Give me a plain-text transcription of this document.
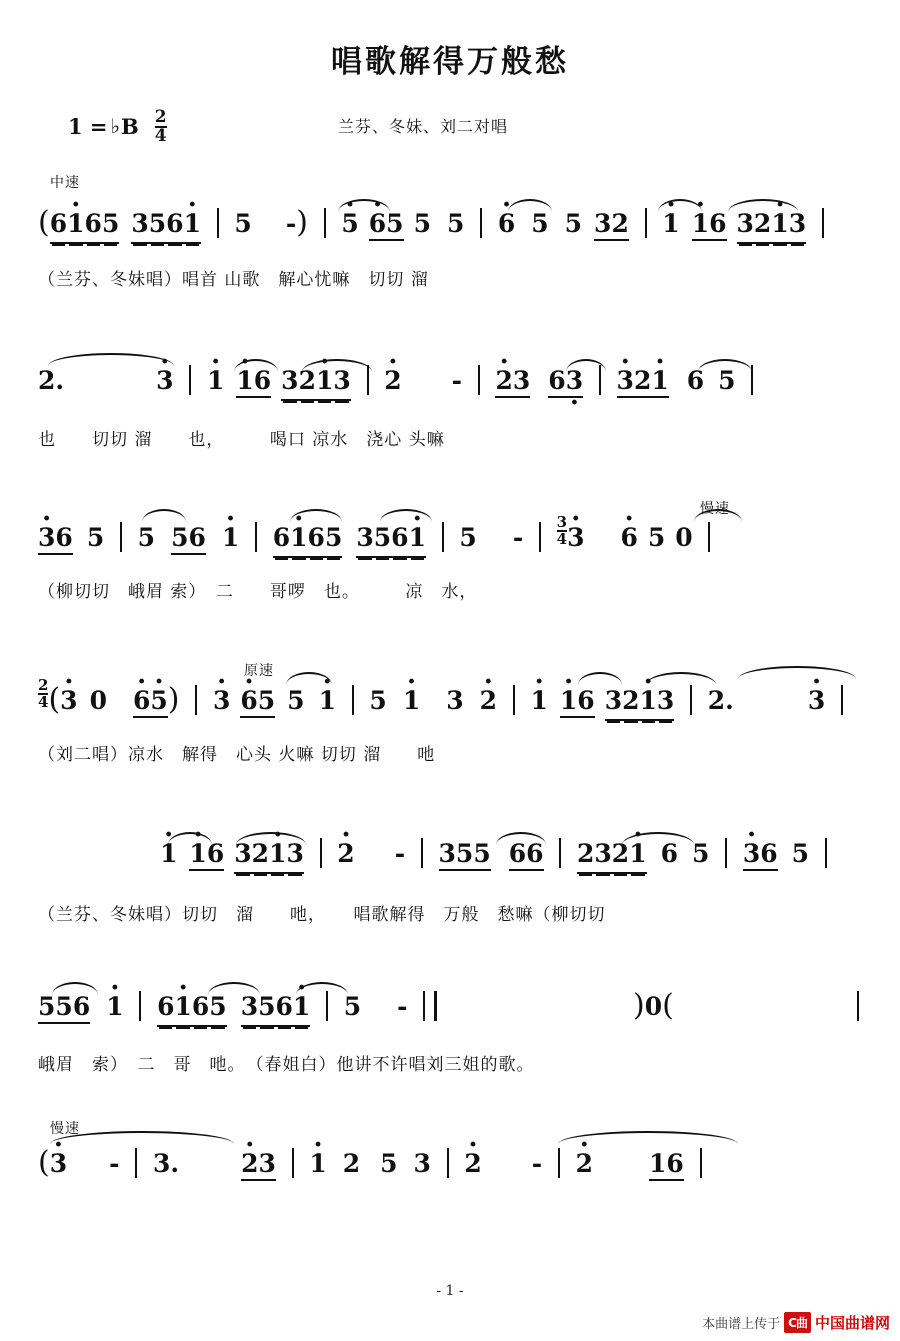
唱歌解得万般愁
1 = ♭ B $\frac{2}{4}$	兰芬、冬妹、刘二对唱
中速
(6· 165 356· 1 5 -) · 5 · 65 5 5 · 6 5 5 32 · 1 · 16 32· 13
（兰芬、冬妹唱）唱首 山歌　解心忧嘛　切切 溜
2.	· 3 · 1 · 16 32· 13 · 2 - · 23 63 · · 32· 1 6 5
也　　切切 溜　　也，　　　喝口 凉水　浇心 头嘛
慢速
· 36 5 5 56 · 1 6· 165 356· 1 $5 - \frac{3}{4} \cdot 3 \cdot 6$ 5 0
（柳切切　峨眉 索）　二　　哥啰　也。　　　凉　水，
原速
$\frac{2}{4}$ (· 3 0 · 6· 5) · 3 · 65 5 · 1 5 · 1 3 · 2 · 1 · 16 32· 13 2.	· 3
（刘二唱）凉水　解得　心头 火嘛 切切 溜　　吔
· 1 · 16 32· 13 · 2 - 355 66 232· 1 6 5 · 36 5
（兰芬、冬妹唱）切切　溜　　吔，　　唱歌解得　万般　愁嘛（柳切切
556 · 1 6· 165 356· 1 5 -	)0(
峨眉　索）　二　哥　吔。　（春姐白）他讲不许唱刘三姐的歌。
慢速
(· 3 - 3. · 23 · 1 2 5 3 · 2 - · 2 16
- 1 -
本曲谱上传于 C曲 中国曲谱网
